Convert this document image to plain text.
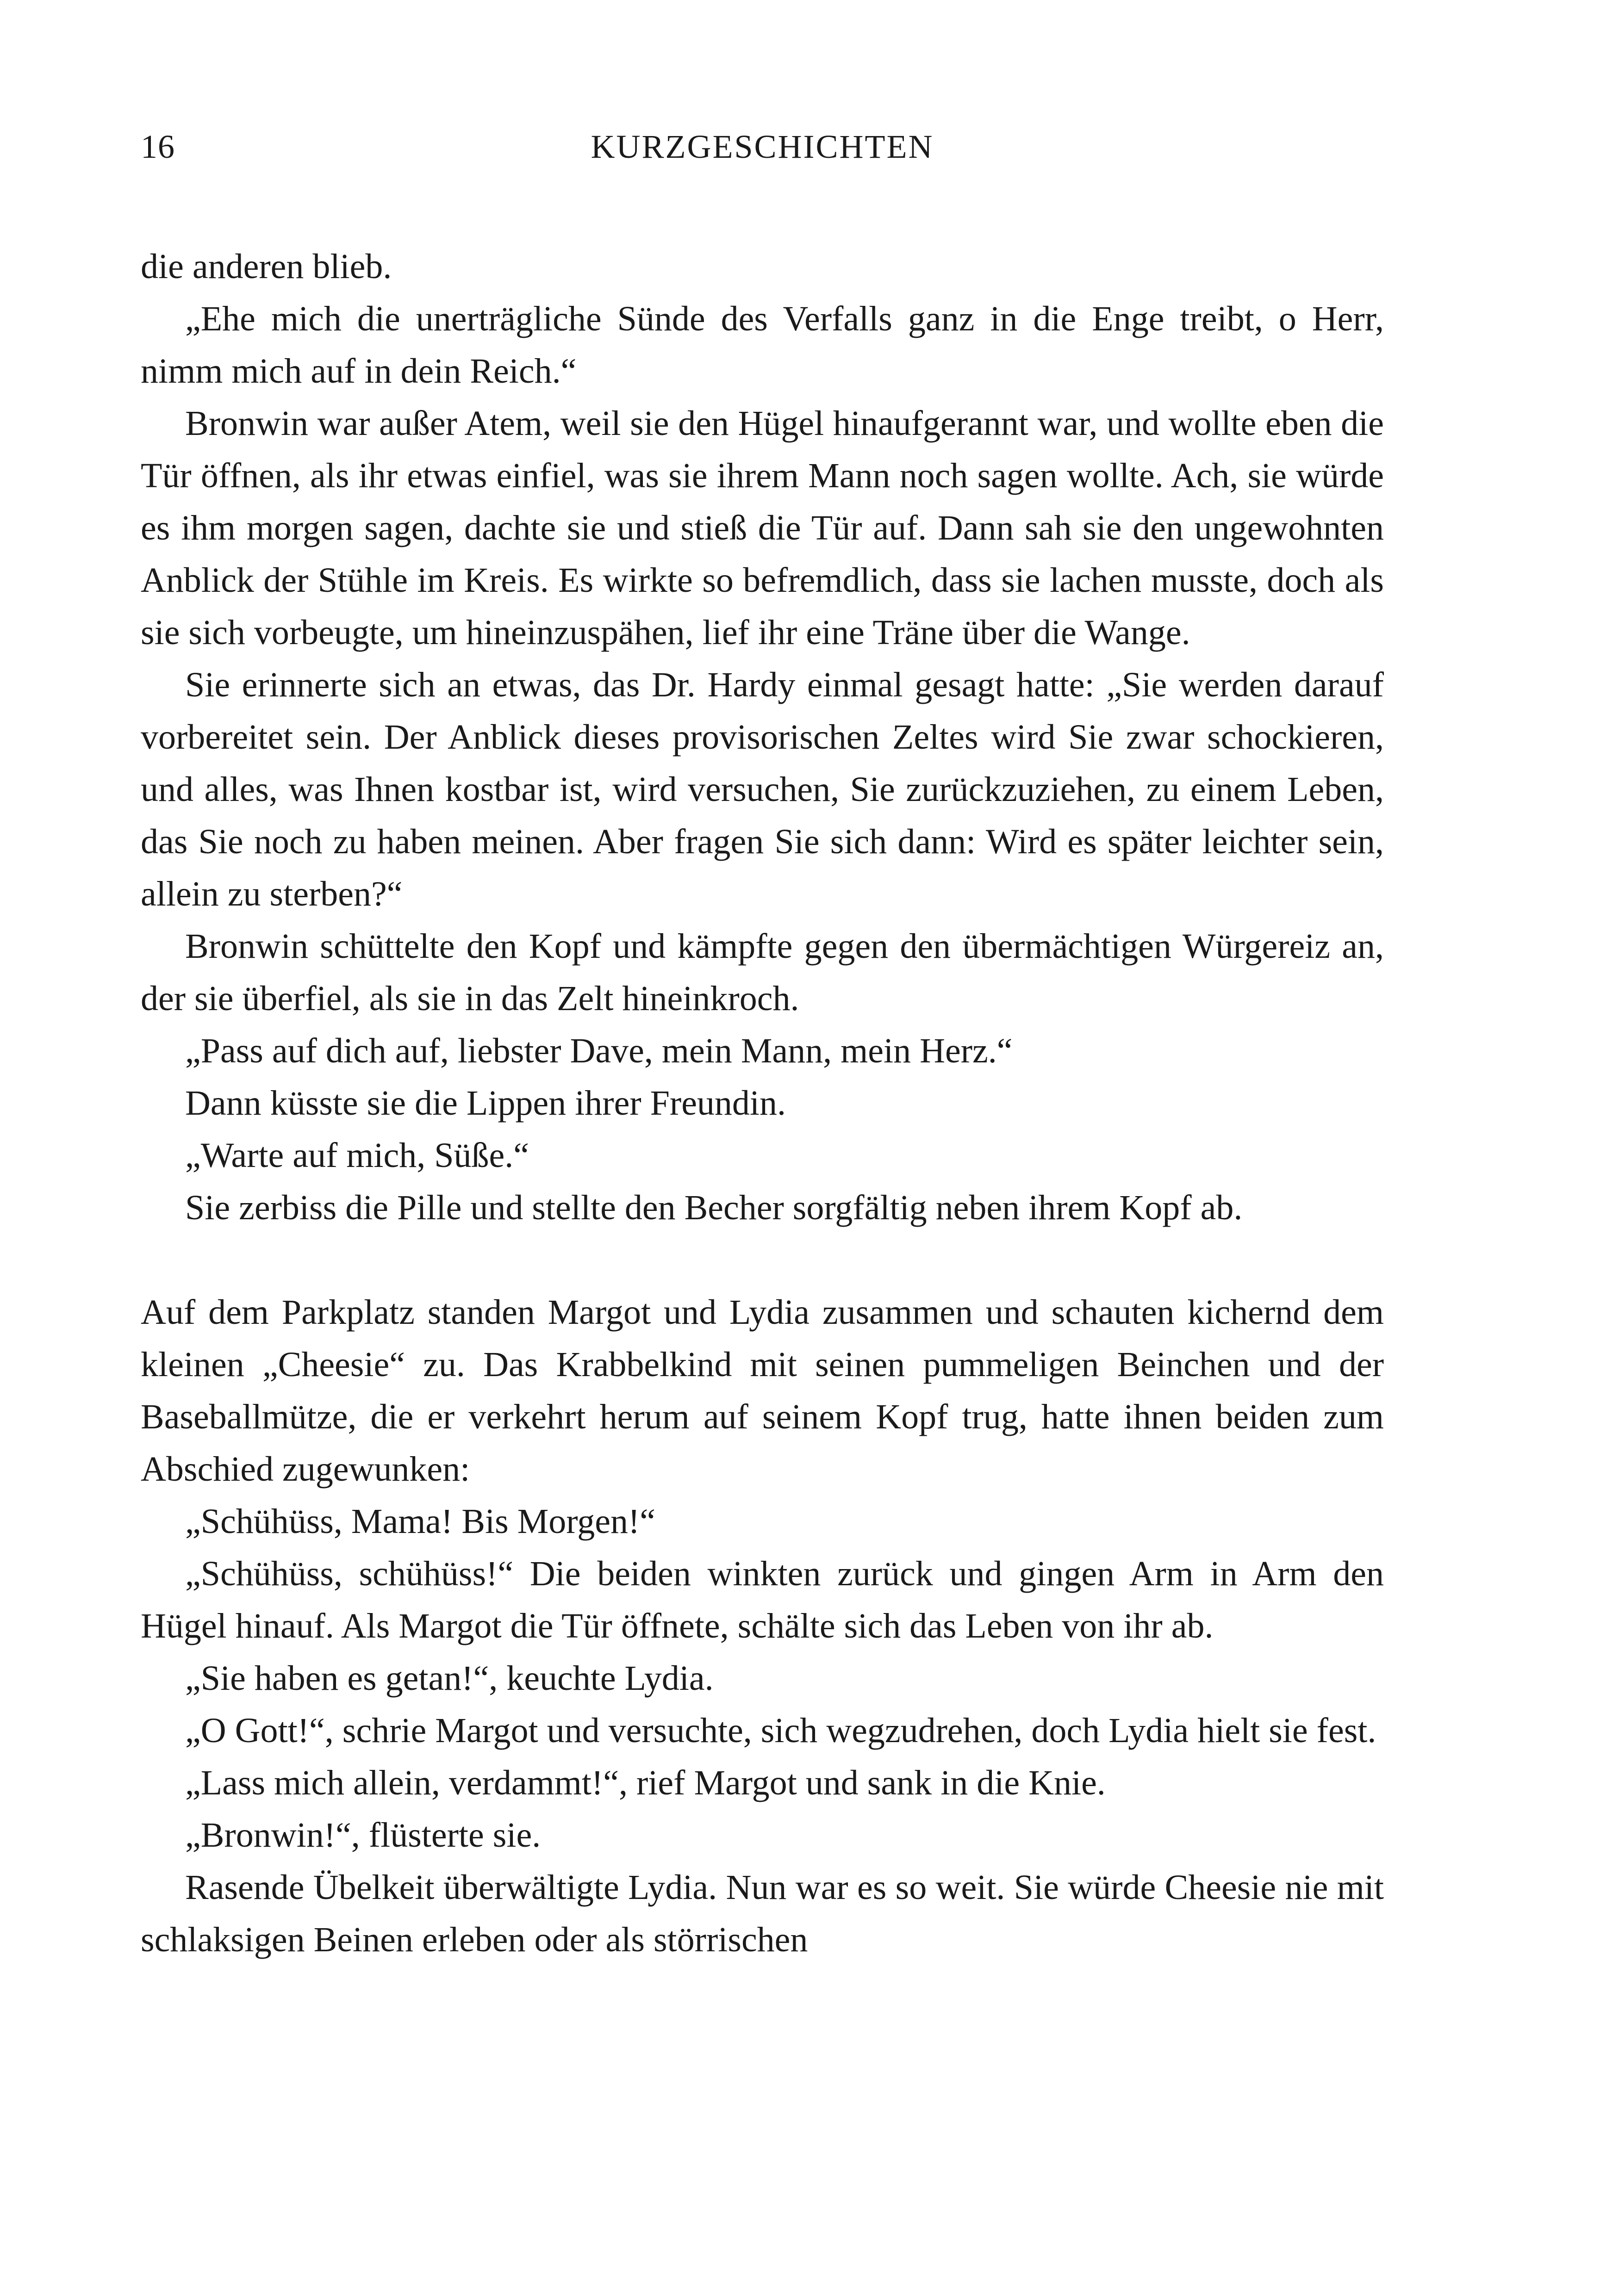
16	KURZGESCHICHTEN

die anderen blieb.

„Ehe mich die unerträgliche Sünde des Verfalls ganz in die Enge treibt, o Herr, nimm mich auf in dein Reich.“

Bronwin war außer Atem, weil sie den Hügel hinaufgerannt war, und wollte eben die Tür öffnen, als ihr etwas einfiel, was sie ihrem Mann noch sagen wollte. Ach, sie würde es ihm morgen sagen, dachte sie und stieß die Tür auf. Dann sah sie den ungewohnten Anblick der Stühle im Kreis. Es wirkte so befremdlich, dass sie lachen musste, doch als sie sich vorbeugte, um hineinzuspähen, lief ihr eine Träne über die Wange.

Sie erinnerte sich an etwas, das Dr. Hardy einmal gesagt hatte: „Sie werden darauf vorbereitet sein. Der Anblick dieses provisorischen Zeltes wird Sie zwar schockieren, und alles, was Ihnen kostbar ist, wird versuchen, Sie zurückzuziehen, zu einem Leben, das Sie noch zu haben meinen. Aber fragen Sie sich dann: Wird es später leichter sein, allein zu sterben?“

Bronwin schüttelte den Kopf und kämpfte gegen den übermächtigen Würgereiz an, der sie überfiel, als sie in das Zelt hineinkroch.

„Pass auf dich auf, liebster Dave, mein Mann, mein Herz.“

Dann küsste sie die Lippen ihrer Freundin.

„Warte auf mich, Süße.“

Sie zerbiss die Pille und stellte den Becher sorgfältig neben ihrem Kopf ab.

Auf dem Parkplatz standen Margot und Lydia zusammen und schauten kichernd dem kleinen „Cheesie“ zu. Das Krabbelkind mit seinen pummeligen Beinchen und der Baseballmütze, die er verkehrt herum auf seinem Kopf trug, hatte ihnen beiden zum Abschied zugewunken:

„Schühüss, Mama! Bis Morgen!“

„Schühüss, schühüss!“ Die beiden winkten zurück und gingen Arm in Arm den Hügel hinauf. Als Margot die Tür öffnete, schälte sich das Leben von ihr ab.

„Sie haben es getan!“, keuchte Lydia.

„O Gott!“, schrie Margot und versuchte, sich wegzudrehen, doch Lydia hielt sie fest.

„Lass mich allein, verdammt!“, rief Margot und sank in die Knie.

„Bronwin!“, flüsterte sie.

Rasende Übelkeit überwältigte Lydia. Nun war es so weit. Sie würde Cheesie nie mit schlaksigen Beinen erleben oder als störrischen
